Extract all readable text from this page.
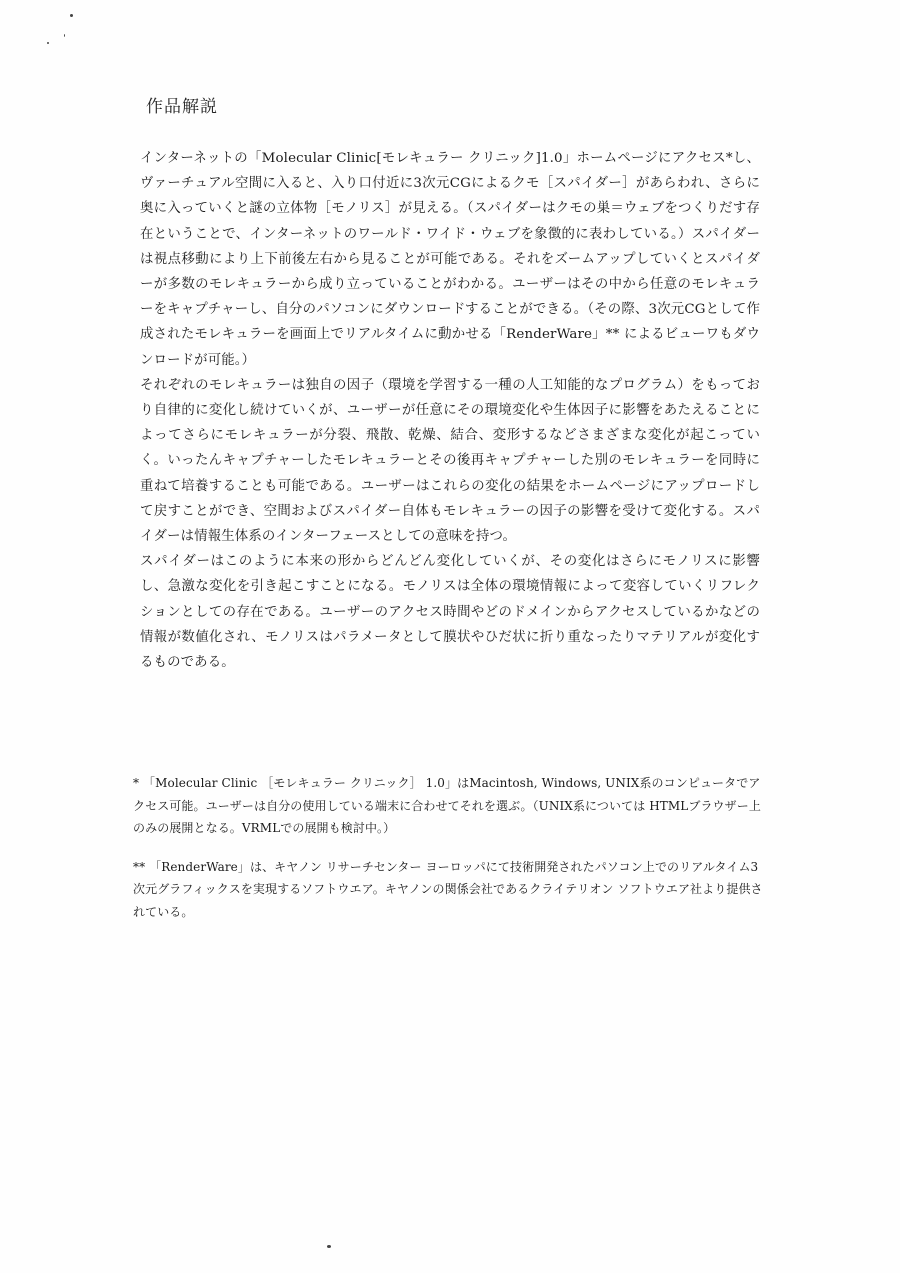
作品解説

インターネットの「Molecular Clinic[モレキュラー クリニック]1.0」ホームページにアクセス*し、ヴァーチュアル空間に入ると、入り口付近に3次元CGによるクモ［スパイダー］があらわれ、さらに奥に入っていくと謎の立体物［モノリス］が見える。（スパイダーはクモの巣＝ウェブをつくりだす存在ということで、インターネットのワールド・ワイド・ウェブを象徴的に表わしている。）スパイダーは視点移動により上下前後左右から見ることが可能である。それをズームアップしていくとスパイダーが多数のモレキュラーから成り立っていることがわかる。ユーザーはその中から任意のモレキュラーをキャプチャーし、自分のパソコンにダウンロードすることができる。（その際、3次元CGとして作成されたモレキュラーを画面上でリアルタイムに動かせる「RenderWare」** によるビューワもダウンロードが可能。）

それぞれのモレキュラーは独自の因子（環境を学習する一種の人工知能的なプログラム）をもっており自律的に変化し続けていくが、ユーザーが任意にその環境変化や生体因子に影響をあたえることによってさらにモレキュラーが分裂、飛散、乾燥、結合、変形するなどさまざまな変化が起こっていく。いったんキャプチャーしたモレキュラーとその後再キャプチャーした別のモレキュラーを同時に重ねて培養することも可能である。ユーザーはこれらの変化の結果をホームページにアップロードして戻すことができ、空間およびスパイダー自体もモレキュラーの因子の影響を受けて変化する。スパイダーは情報生体系のインターフェースとしての意味を持つ。

スパイダーはこのように本来の形からどんどん変化していくが、その変化はさらにモノリスに影響し、急激な変化を引き起こすことになる。モノリスは全体の環境情報によって変容していくリフレクションとしての存在である。ユーザーのアクセス時間やどのドメインからアクセスしているかなどの情報が数値化され、モノリスはパラメータとして膜状やひだ状に折り重なったりマテリアルが変化するものである。

* 「Molecular Clinic ［モレキュラー クリニック］ 1.0」はMacintosh, Windows, UNIX系のコンピュータでアクセス可能。ユーザーは自分の使用している端末に合わせてそれを選ぶ。（UNIX系については HTMLブラウザー上のみの展開となる。VRMLでの展開も検討中。）

** 「RenderWare」は、キヤノン リサーチセンター ヨーロッパにて技術開発されたパソコン上でのリアルタイム3次元グラフィックスを実現するソフトウエア。キヤノンの関係会社であるクライテリオン ソフトウエア社より提供されている。
